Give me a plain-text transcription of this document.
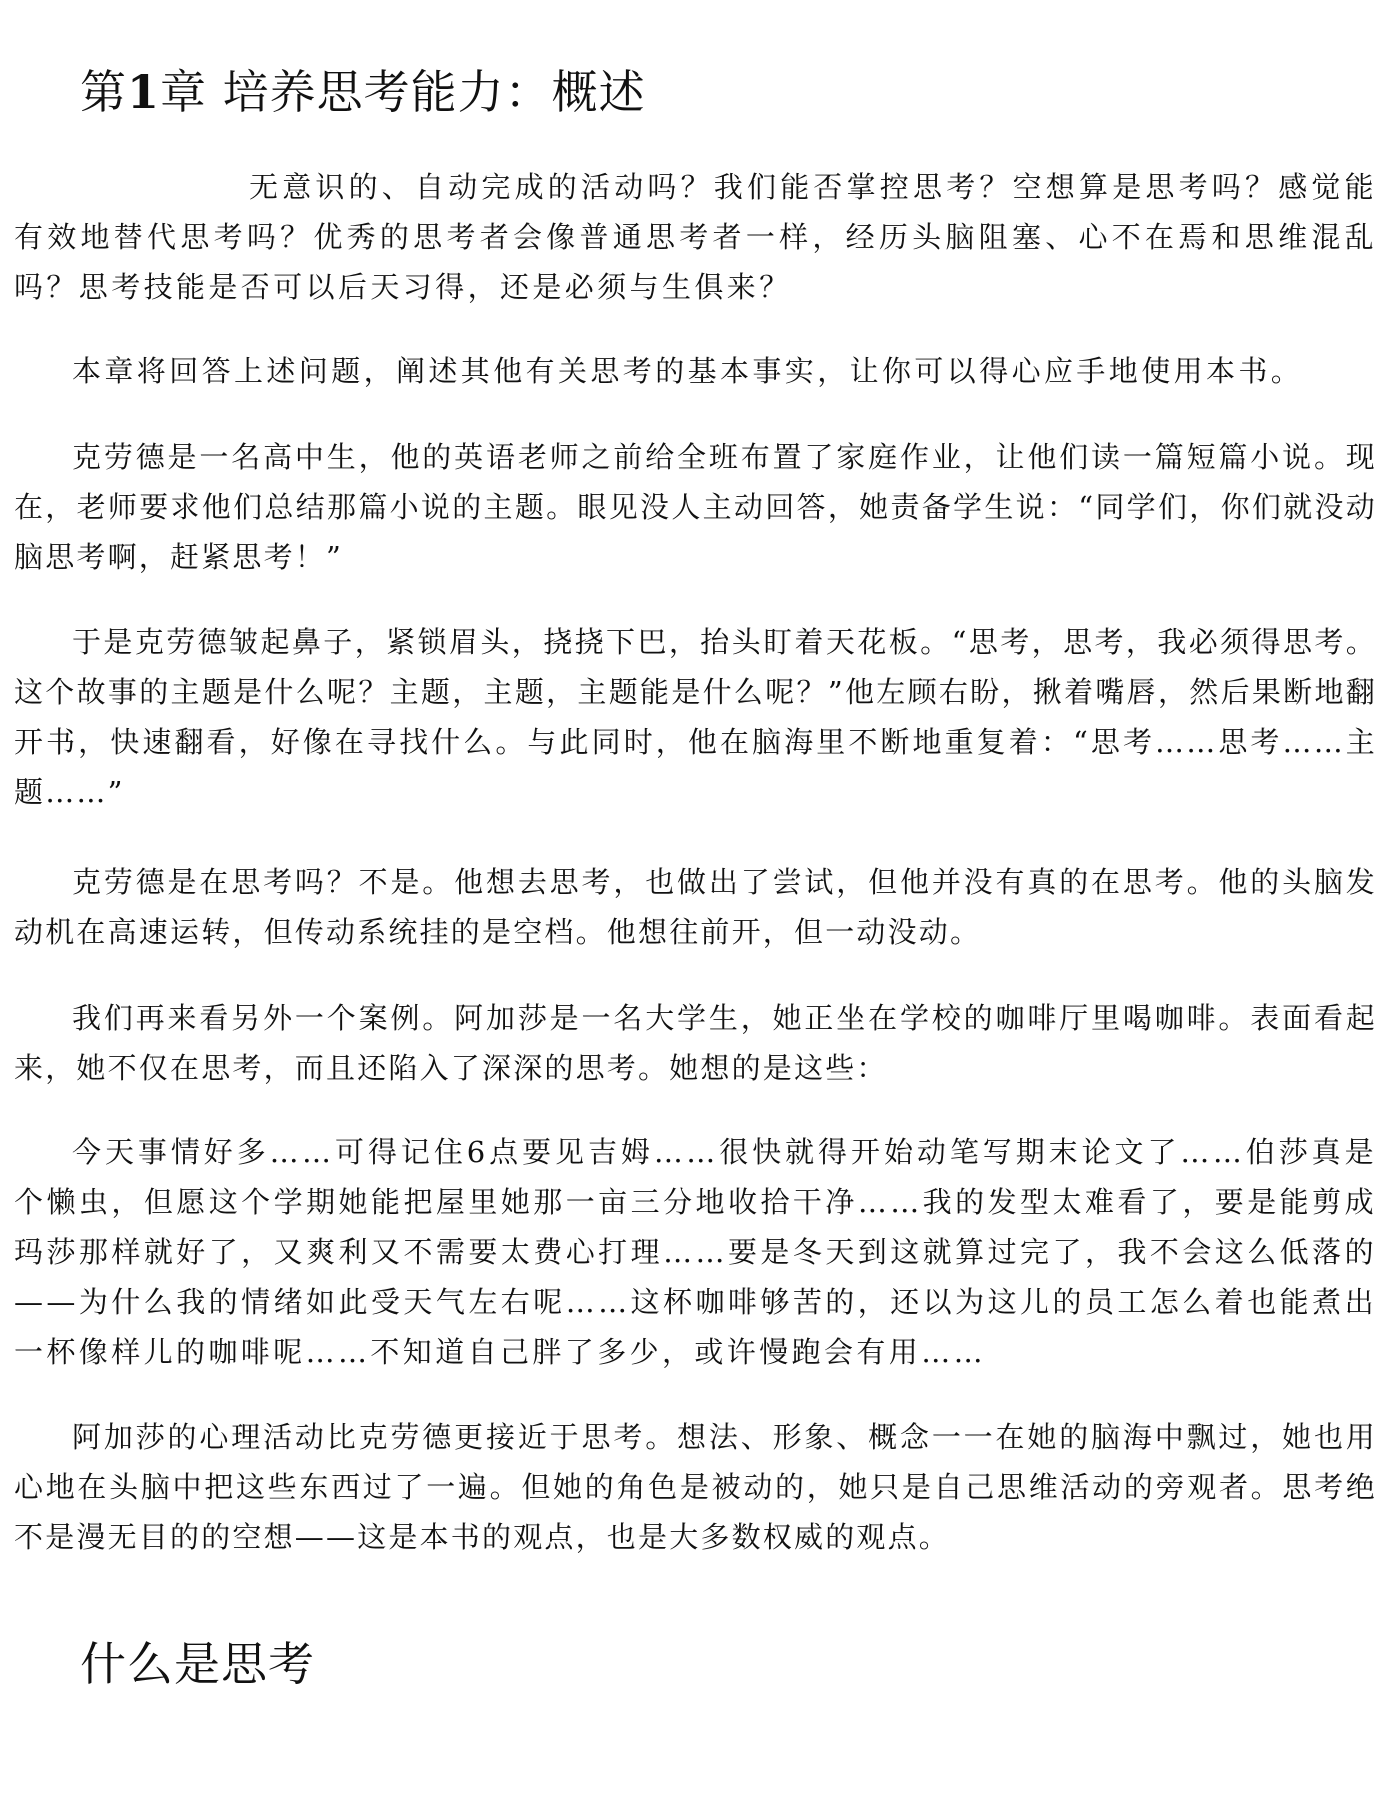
第1章 培养思考能力：概述

无意识的、自动完成的活动吗？我们能否掌控思考？空想算是思考吗？感觉能有效地替代思考吗？优秀的思考者会像普通思考者一样，经历头脑阻塞、心不在焉和思维混乱吗？思考技能是否可以后天习得，还是必须与生俱来？

本章将回答上述问题，阐述其他有关思考的基本事实，让你可以得心应手地使用本书。

克劳德是一名高中生，他的英语老师之前给全班布置了家庭作业，让他们读一篇短篇小说。现在，老师要求他们总结那篇小说的主题。眼见没人主动回答，她责备学生说：“同学们，你们就没动脑思考啊，赶紧思考！”

于是克劳德皱起鼻子，紧锁眉头，挠挠下巴，抬头盯着天花板。“思考，思考，我必须得思考。这个故事的主题是什么呢？主题，主题，主题能是什么呢？”他左顾右盼，揪着嘴唇，然后果断地翻开书，快速翻看，好像在寻找什么。与此同时，他在脑海里不断地重复着：“思考……思考……主题……”

克劳德是在思考吗？不是。他想去思考，也做出了尝试，但他并没有真的在思考。他的头脑发动机在高速运转，但传动系统挂的是空档。他想往前开，但一动没动。

我们再来看另外一个案例。阿加莎是一名大学生，她正坐在学校的咖啡厅里喝咖啡。表面看起来，她不仅在思考，而且还陷入了深深的思考。她想的是这些：

今天事情好多……可得记住6点要见吉姆……很快就得开始动笔写期末论文了……伯莎真是个懒虫，但愿这个学期她能把屋里她那一亩三分地收拾干净……我的发型太难看了，要是能剪成玛莎那样就好了，又爽利又不需要太费心打理……要是冬天到这就算过完了，我不会这么低落的——为什么我的情绪如此受天气左右呢……这杯咖啡够苦的，还以为这儿的员工怎么着也能煮出一杯像样儿的咖啡呢……不知道自己胖了多少，或许慢跑会有用……

阿加莎的心理活动比克劳德更接近于思考。想法、形象、概念一一在她的脑海中飘过，她也用心地在头脑中把这些东西过了一遍。但她的角色是被动的，她只是自己思维活动的旁观者。思考绝不是漫无目的的空想——这是本书的观点，也是大多数权威的观点。

什么是思考
